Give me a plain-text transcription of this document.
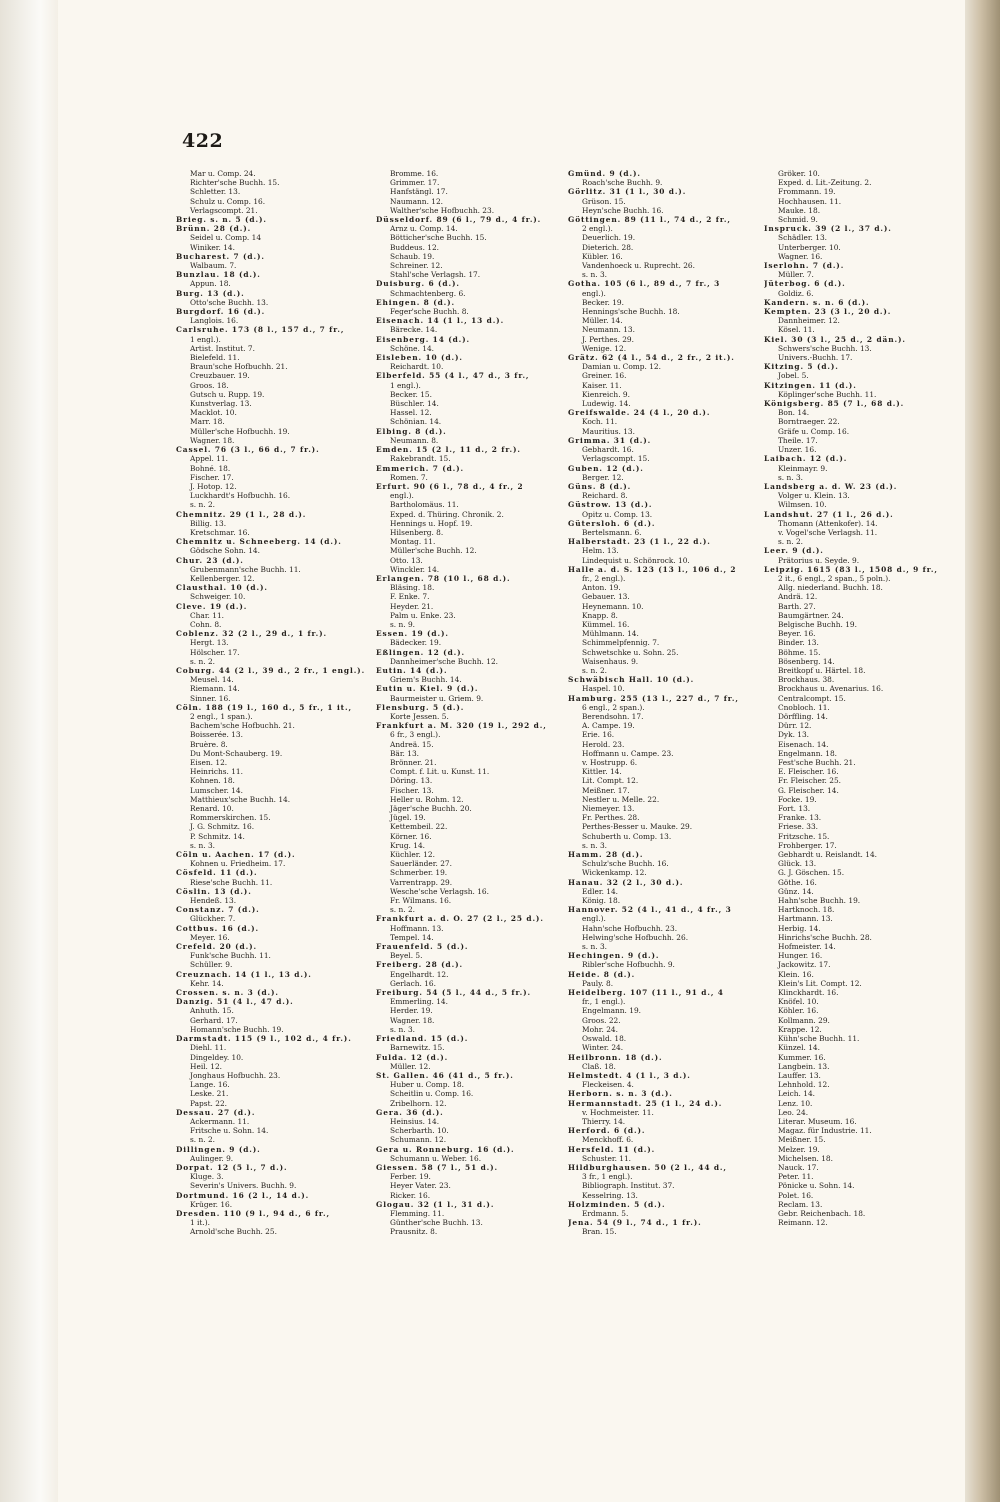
422
Mar u. Comp. 24.
Richter'sche Buchh. 15.
Schletter. 13.
Schulz u. Comp. 16.
Verlagscompt. 21.
Brieg. s. n. 5 (d.).
Brünn. 28 (d.).
Seidel u. Comp. 14
Winiker. 14.
Bucharest. 7 (d.).
Walbaum. 7.
Bunzlau. 18 (d.).
Appun. 18.
Burg. 13 (d.).
Otto'sche Buchh. 13.
Burgdorf. 16 (d.).
Langlois. 16.
Carlsruhe. 173 (8 l., 157 d., 7 fr.,
1 engl.).
Artist. Institut. 7.
Bielefeld. 11.
Braun'sche Hofbuchh. 21.
Creuzbauer. 19.
Groos. 18.
Gutsch u. Rupp. 19.
Kunstverlag. 13.
Macklot. 10.
Marr. 18.
Müller'sche Hofbuchh. 19.
Wagner. 18.
Cassel. 76 (3 l., 66 d., 7 fr.).
Appel. 11.
Bohné. 18.
Fischer. 17.
J. Hotop. 12.
Luckhardt's Hofbuchh. 16.
s. n. 2.
Chemnitz. 29 (1 l., 28 d.).
Billig. 13.
Kretschmar. 16.
Chemnitz u. Schneeberg. 14 (d.).
Gödsche Sohn. 14.
Chur. 23 (d.).
Grubenmann'sche Buchh. 11.
Kellenberger. 12.
Clausthal. 10 (d.).
Schweiger. 10.
Cleve. 19 (d.).
Char. 11.
Cohn. 8.
Coblenz. 32 (2 l., 29 d., 1 fr.).
Hergt. 13.
Hölscher. 17.
s. n. 2.
Coburg. 44 (2 l., 39 d., 2 fr., 1 engl.).
Meusel. 14.
Riemann. 14.
Sinner. 16.
Cöln. 188 (19 l., 160 d., 5 fr., 1 it.,
2 engl., 1 span.).
Bachem'sche Hofbuchh. 21.
Boisserée. 13.
Bruère. 8.
Du Mont-Schauberg. 19.
Eisen. 12.
Heinrichs. 11.
Kohnen. 18.
Lumscher. 14.
Matthieux'sche Buchh. 14.
Renard. 10.
Rommerskirchen. 15.
J. G. Schmitz. 16.
P. Schmitz. 14.
s. n. 3.
Cöln u. Aachen. 17 (d.).
Kohnen u. Friedheim. 17.
Cösfeld. 11 (d.).
Riese'sche Buchh. 11.
Cöslin. 13 (d.).
Hendeß. 13.
Constanz. 7 (d.).
Glückher. 7.
Cottbus. 16 (d.).
Meyer. 16.
Crefeld. 20 (d.).
Funk'sche Buchh. 11.
Schüller. 9.
Creuznach. 14 (1 l., 13 d.).
Kehr. 14.
Crossen. s. n. 3 (d.).
Danzig. 51 (4 l., 47 d.).
Anhuth. 15.
Gerhard. 17.
Homann'sche Buchh. 19.
Darmstadt. 115 (9 l., 102 d., 4 fr.).
Diehl. 11.
Dingeldey. 10.
Heil. 12.
Jonghaus Hofbuchh. 23.
Lange. 16.
Leske. 21.
Papst. 22.
Dessau. 27 (d.).
Ackermann. 11.
Fritsche u. Sohn. 14.
s. n. 2.
Dillingen. 9 (d.).
Aulinger. 9.
Dorpat. 12 (5 l., 7 d.).
Kluge. 3.
Severin's Univers. Buchh. 9.
Dortmund. 16 (2 l., 14 d.).
Krüger. 16.
Dresden. 110 (9 l., 94 d., 6 fr.,
1 it.).
Arnold'sche Buchh. 25.
Bromme. 16.
Grimmer. 17.
Hanfstängl. 17.
Naumann. 12.
Walther'sche Hofbuchh. 23.
Düsseldorf. 89 (6 l., 79 d., 4 fr.).
Arnz u. Comp. 14.
Bötticher'sche Buchh. 15.
Buddeus. 12.
Schaub. 19.
Schreiner. 12.
Stahl'sche Verlagsh. 17.
Duisburg. 6 (d.).
Schmachtenberg. 6.
Ehingen. 8 (d.).
Feger'sche Buchh. 8.
Eisenach. 14 (1 l., 13 d.).
Bärecke. 14.
Eisenberg. 14 (d.).
Schöne. 14.
Eisleben. 10 (d.).
Reichardt. 10.
Elberfeld. 55 (4 l., 47 d., 3 fr.,
1 engl.).
Becker. 15.
Büschler. 14.
Hassel. 12.
Schönian. 14.
Elbing. 8 (d.).
Neumann. 8.
Emden. 15 (2 l., 11 d., 2 fr.).
Rakebrandt. 15.
Emmerich. 7 (d.).
Romen. 7.
Erfurt. 90 (6 l., 78 d., 4 fr., 2
engl.).
Bartholomäus. 11.
Exped. d. Thüring. Chronik. 2.
Hennings u. Hopf. 19.
Hilsenberg. 8.
Montag. 11.
Müller'sche Buchh. 12.
Otto. 13.
Winckler. 14.
Erlangen. 78 (10 l., 68 d.).
Bläsing. 18.
F. Enke. 7.
Heyder. 21.
Palm u. Enke. 23.
s. n. 9.
Essen. 19 (d.).
Bädecker. 19.
Eßlingen. 12 (d.).
Dannheimer'sche Buchh. 12.
Eutin. 14 (d.).
Griem's Buchh. 14.
Eutin u. Kiel. 9 (d.).
Baurmeister u. Griem. 9.
Flensburg. 5 (d.).
Korte Jessen. 5.
Frankfurt a. M. 320 (19 l., 292 d.,
6 fr., 3 engl.).
Andreä. 15.
Bär. 13.
Brönner. 21.
Compt. f. Lit. u. Kunst. 11.
Döring. 13.
Fischer. 13.
Heller u. Rohm. 12.
Jäger'sche Buchh. 20.
Jügel. 19.
Kettembeil. 22.
Körner. 16.
Krug. 14.
Küchler. 12.
Sauerländer. 27.
Schmerber. 19.
Varrentrapp. 29.
Wesche'sche Verlagsh. 16.
Fr. Wilmans. 16.
s. n. 2.
Frankfurt a. d. O. 27 (2 l., 25 d.).
Hoffmann. 13.
Tempel. 14.
Frauenfeld. 5 (d.).
Beyel. 5.
Freiberg. 28 (d.).
Engelhardt. 12.
Gerlach. 16.
Freiburg. 54 (5 l., 44 d., 5 fr.).
Emmerling. 14.
Herder. 19.
Wagner. 18.
s. n. 3.
Friedland. 15 (d.).
Barnewitz. 15.
Fulda. 12 (d.).
Müller. 12.
St. Gallen. 46 (41 d., 5 fr.).
Huber u. Comp. 18.
Scheitlin u. Comp. 16.
Zribelhorn. 12.
Gera. 36 (d.).
Heinsius. 14.
Scherbarth. 10.
Schumann. 12.
Gera u. Ronneburg. 16 (d.).
Schumann u. Weber. 16.
Giessen. 58 (7 l., 51 d.).
Ferber. 19.
Heyer Vater. 23.
Ricker. 16.
Glogau. 32 (1 l., 31 d.).
Flemming. 11.
Günther'sche Buchh. 13.
Prausnitz. 8.
Gmünd. 9 (d.).
Roach'sche Buchh. 9.
Görlitz. 31 (1 l., 30 d.).
Grüson. 15.
Heyn'sche Buchh. 16.
Göttingen. 89 (11 l., 74 d., 2 fr.,
2 engl.).
Deuerlich. 19.
Dieterich. 28.
Kübler. 16.
Vandenhoeck u. Ruprecht. 26.
s. n. 3.
Gotha. 105 (6 l., 89 d., 7 fr., 3
engl.).
Becker. 19.
Hennings'sche Buchh. 18.
Müller. 14.
Neumann. 13.
J. Perthes. 29.
Wenige. 12.
Grätz. 62 (4 l., 54 d., 2 fr., 2 it.).
Damian u. Comp. 12.
Greiner. 16.
Kaiser. 11.
Kienreich. 9.
Ludewig. 14.
Greifswalde. 24 (4 l., 20 d.).
Koch. 11.
Mauritius. 13.
Grimma. 31 (d.).
Gebhardt. 16.
Verlagscompt. 15.
Guben. 12 (d.).
Berger. 12.
Güns. 8 (d.).
Reichard. 8.
Güstrow. 13 (d.).
Opitz u. Comp. 13.
Gütersloh. 6 (d.).
Bertelsmann. 6.
Halberstadt. 23 (1 l., 22 d.).
Helm. 13.
Lindequist u. Schönrock. 10.
Halle a. d. S. 123 (13 l., 106 d., 2
fr., 2 engl.).
Anton. 19.
Gebauer. 13.
Heynemann. 10.
Knapp. 8.
Kümmel. 16.
Mühlmann. 14.
Schimmelpfennig. 7.
Schwetschke u. Sohn. 25.
Waisenhaus. 9.
s. n. 2.
Schwäbisch Hall. 10 (d.).
Haspel. 10.
Hamburg. 255 (13 l., 227 d., 7 fr.,
6 engl., 2 span.).
Berendsohn. 17.
A. Campe. 19.
Erie. 16.
Herold. 23.
Hoffmann u. Campe. 23.
v. Hostrupp. 6.
Kittler. 14.
Lit. Compt. 12.
Meißner. 17.
Nestler u. Melle. 22.
Niemeyer. 13.
Fr. Perthes. 28.
Perthes-Besser u. Mauke. 29.
Schuberth u. Comp. 13.
s. n. 3.
Hamm. 28 (d.).
Schulz'sche Buchh. 16.
Wickenkamp. 12.
Hanau. 32 (2 l., 30 d.).
Edler. 14.
König. 18.
Hannover. 52 (4 l., 41 d., 4 fr., 3
engl.).
Hahn'sche Hofbuchh. 23.
Helwing'sche Hofbuchh. 26.
s. n. 3.
Hechingen. 9 (d.).
Ribler'sche Hofbuchh. 9.
Heide. 8 (d.).
Pauly. 8.
Heidelberg. 107 (11 l., 91 d., 4
fr., 1 engl.).
Engelmann. 19.
Groos. 22.
Mohr. 24.
Oswald. 18.
Winter. 24.
Heilbronn. 18 (d.).
Claß. 18.
Helmstedt. 4 (1 l., 3 d.).
Fleckeisen. 4.
Herborn. s. n. 3 (d.).
Hermannstadt. 25 (1 l., 24 d.).
v. Hochmeister. 11.
Thierry. 14.
Herford. 6 (d.).
Menckhoff. 6.
Hersfeld. 11 (d.).
Schuster. 11.
Hildburghausen. 50 (2 l., 44 d.,
3 fr., 1 engl.).
Bibliograph. Institut. 37.
Kesselring. 13.
Holzminden. 5 (d.).
Erdmann. 5.
Jena. 54 (9 l., 74 d., 1 fr.).
Bran. 15.
Gröker. 10.
Exped. d. Lit.-Zeitung. 2.
Frommann. 19.
Hochhausen. 11.
Mauke. 18.
Schmid. 9.
Inspruck. 39 (2 l., 37 d.).
Schädler. 13.
Unterberger. 10.
Wagner. 16.
Iserlohn. 7 (d.).
Müller. 7.
Jüterbog. 6 (d.).
Goldiz. 6.
Kandern. s. n. 6 (d.).
Kempten. 23 (3 l., 20 d.).
Dannheimer. 12.
Kösel. 11.
Kiel. 30 (3 l., 25 d., 2 dän.).
Schwers'sche Buchh. 13.
Univers.-Buchh. 17.
Kitzing. 5 (d.).
Jobel. 5.
Kitzingen. 11 (d.).
Köplinger'sche Buchh. 11.
Königsberg. 85 (7 l., 68 d.).
Bon. 14.
Borntraeger. 22.
Gräfe u. Comp. 16.
Theile. 17.
Unzer. 16.
Laibach. 12 (d.).
Kleinmayr. 9.
s. n. 3.
Landsberg a. d. W. 23 (d.).
Volger u. Klein. 13.
Wilmsen. 10.
Landshut. 27 (1 l., 26 d.).
Thomann (Attenkofer). 14.
v. Vogel'sche Verlagsh. 11.
s. n. 2.
Leer. 9 (d.).
Prätorius u. Seyde. 9.
Leipzig. 1615 (83 l., 1508 d., 9 fr.,
2 it., 6 engl., 2 span., 5 poln.).
Allg. niederland. Buchh. 18.
Andrä. 12.
Barth. 27.
Baumgärtner. 24.
Belgische Buchh. 19.
Beyer. 16.
Binder. 13.
Böhme. 15.
Bösenberg. 14.
Breitkopf u. Härtel. 18.
Brockhaus. 38.
Brockhaus u. Avenarius. 16.
Centralcompt. 15.
Cnobloch. 11.
Dörffling. 14.
Dürr. 12.
Dyk. 13.
Eisenach. 14.
Engelmann. 18.
Fest'sche Buchh. 21.
E. Fleischer. 16.
Fr. Fleischer. 25.
G. Fleischer. 14.
Focke. 19.
Fort. 13.
Franke. 13.
Friese. 33.
Fritzsche. 15.
Frohberger. 17.
Gebhardt u. Reislandt. 14.
Glück. 13.
G. J. Göschen. 15.
Göthe. 16.
Günz. 14.
Hahn'sche Buchh. 19.
Hartknoch. 18.
Hartmann. 13.
Herbig. 14.
Hinrichs'sche Buchh. 28.
Hofmeister. 14.
Hunger. 16.
Jackowitz. 17.
Klein. 16.
Klein's Lit. Compt. 12.
Klinckhardt. 16.
Knöfel. 10.
Köhler. 16.
Kollmann. 29.
Krappe. 12.
Kühn'sche Buchh. 11.
Künzel. 14.
Kummer. 16.
Langbein. 13.
Lauffer. 13.
Lehnhold. 12.
Leich. 14.
Lenz. 10.
Leo. 24.
Literar. Museum. 16.
Magaz. für Industrie. 11.
Meißner. 15.
Melzer. 19.
Michelsen. 18.
Nauck. 17.
Peter. 11.
Pönicke u. Sohn. 14.
Polet. 16.
Reclam. 13.
Gebr. Reichenbach. 18.
Reimann. 12.
